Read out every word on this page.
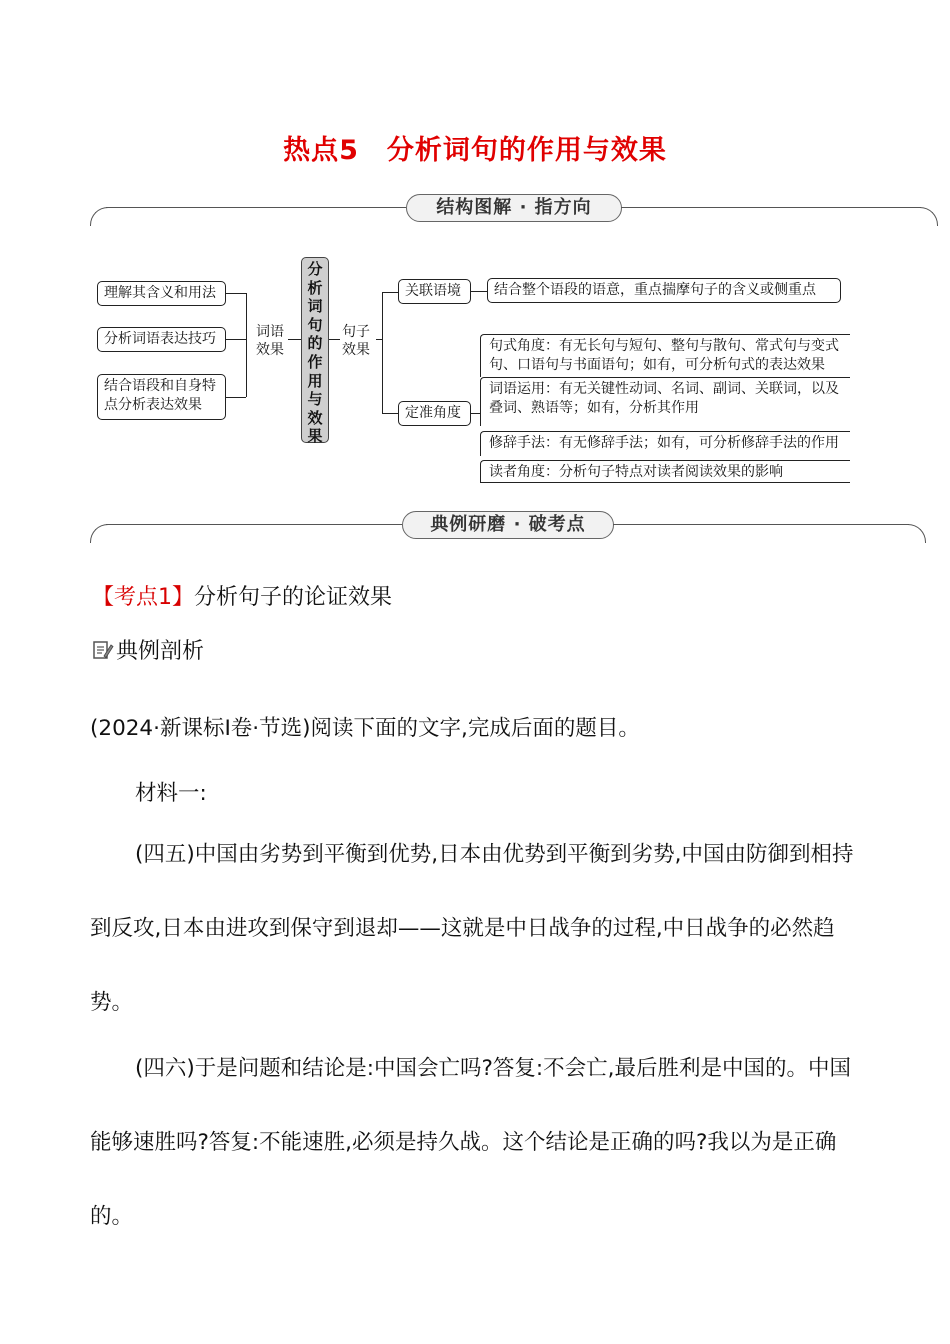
热点5　分析词句的作用与效果
结构图解 · 指方向
理解其含义和用法
分析词语表达技巧
结合语段和自身特点分析表达效果
词语效果
分析词句的作用与效果
句子效果
关联语境
定准角度
结合整个语段的语意，重点揣摩句子的含义或侧重点
句式角度：有无长句与短句、整句与散句、常式句与变式句、口语句与书面语句；如有，可分析句式的表达效果
词语运用：有无关键性动词、名词、副词、关联词，以及叠词、熟语等；如有，分析其作用
修辞手法：有无修辞手法；如有，可分析修辞手法的作用
读者角度：分析句子特点对读者阅读效果的影响
典例研磨 · 破考点
【考点1】分析句子的论证效果
典例剖析
(2024·新课标Ⅰ卷·节选)阅读下面的文字,完成后面的题目。
材料一:
(四五)中国由劣势到平衡到优势,日本由优势到平衡到劣势,中国由防御到相持到反攻,日本由进攻到保守到退却——这就是中日战争的过程,中日战争的必然趋势。
(四六)于是问题和结论是:中国会亡吗?答复:不会亡,最后胜利是中国的。中国能够速胜吗?答复:不能速胜,必须是持久战。这个结论是正确的吗?我以为是正确的。
